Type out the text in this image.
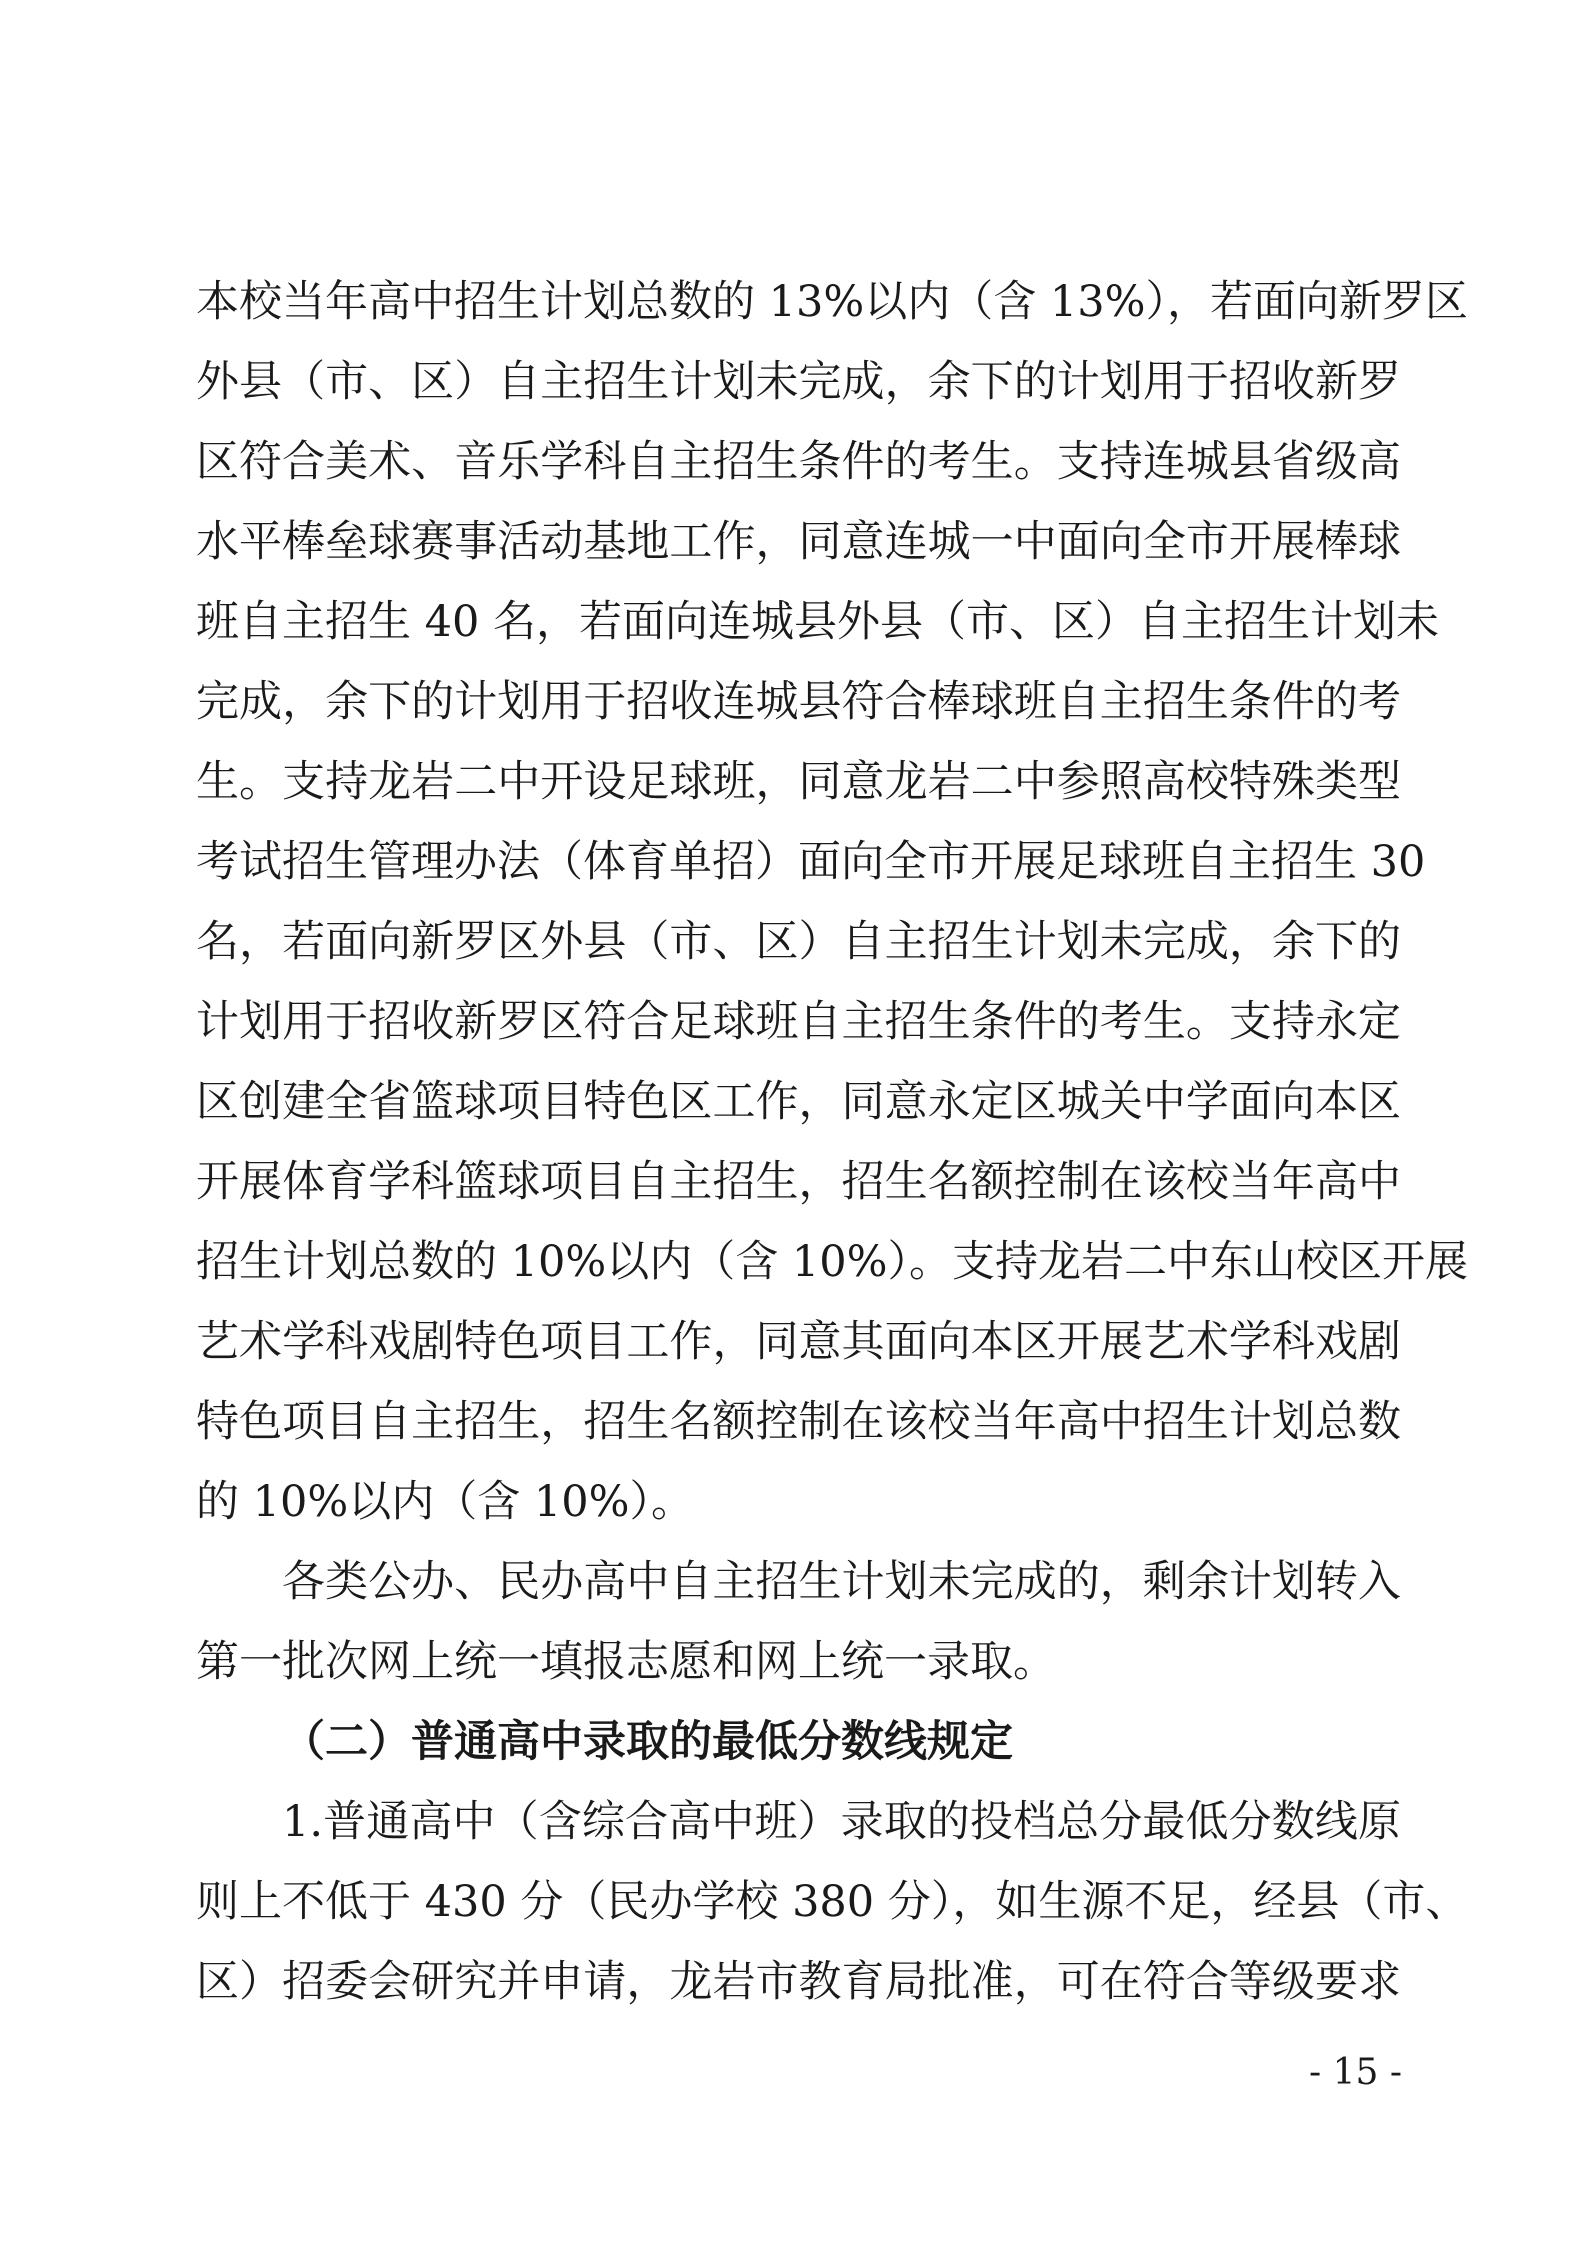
本校当年高中招生计划总数的 13%以内（含 13%），若面向新罗区
外县（市、区）自主招生计划未完成，余下的计划用于招收新罗
区符合美术、音乐学科自主招生条件的考生。支持连城县省级高
水平棒垒球赛事活动基地工作，同意连城一中面向全市开展棒球
班自主招生 40 名，若面向连城县外县（市、区）自主招生计划未
完成，余下的计划用于招收连城县符合棒球班自主招生条件的考
生。支持龙岩二中开设足球班，同意龙岩二中参照高校特殊类型
考试招生管理办法（体育单招）面向全市开展足球班自主招生 30
名，若面向新罗区外县（市、区）自主招生计划未完成，余下的
计划用于招收新罗区符合足球班自主招生条件的考生。支持永定
区创建全省篮球项目特色区工作，同意永定区城关中学面向本区
开展体育学科篮球项目自主招生，招生名额控制在该校当年高中
招生计划总数的 10%以内（含 10%）。支持龙岩二中东山校区开展
艺术学科戏剧特色项目工作，同意其面向本区开展艺术学科戏剧
特色项目自主招生，招生名额控制在该校当年高中招生计划总数
的 10%以内（含 10%）。
各类公办、民办高中自主招生计划未完成的，剩余计划转入
第一批次网上统一填报志愿和网上统一录取。
（二）普通高中录取的最低分数线规定
1.普通高中（含综合高中班）录取的投档总分最低分数线原
则上不低于 430 分（民办学校 380 分），如生源不足，经县（市、
区）招委会研究并申请，龙岩市教育局批准，可在符合等级要求
- 15 -
